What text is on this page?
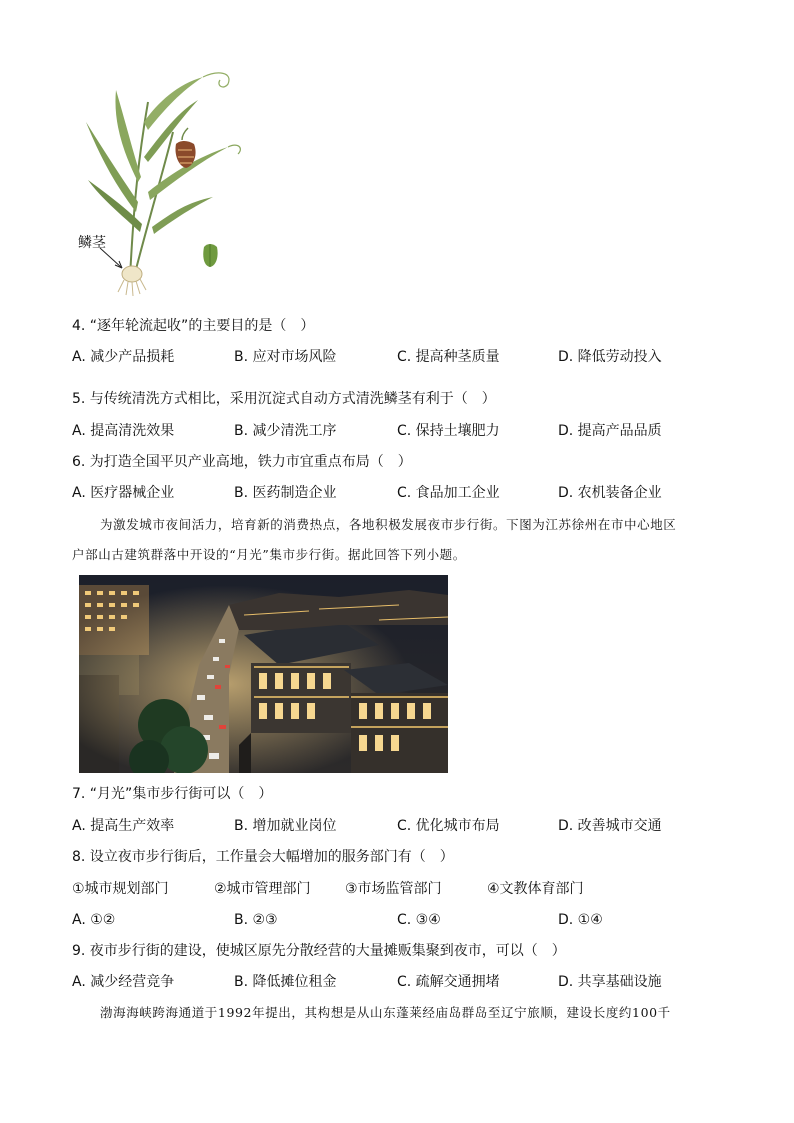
鳞茎
4. “逐年轮流起收”的主要目的是（　）
A. 减少产品损耗	B. 应对市场风险	C. 提高种茎质量	D. 降低劳动投入
5. 与传统清洗方式相比，采用沉淀式自动方式清洗鳞茎有利于（　）
A. 提高清洗效果	B. 减少清洗工序	C. 保持土壤肥力	D. 提高产品品质
6. 为打造全国平贝产业高地，铁力市宜重点布局（　）
A. 医疗器械企业	B. 医药制造企业	C. 食品加工企业	D. 农机装备企业
为激发城市夜间活力，培育新的消费热点，各地积极发展夜市步行街。下图为江苏徐州在市中心地区
户部山古建筑群落中开设的“月光”集市步行街。据此回答下列小题。
7. “月光”集市步行街可以（　）
A. 提高生产效率	B. 增加就业岗位	C. 优化城市布局	D. 改善城市交通
8. 设立夜市步行街后，工作量会大幅增加的服务部门有（　）
①城市规划部门	②城市管理部门 ③市场监管部门	④文教体育部门
A. ①②	B. ②③	C. ③④	D. ①④
9. 夜市步行街的建设，使城区原先分散经营的大量摊贩集聚到夜市，可以（　）
A. 减少经营竞争	B. 降低摊位租金	C. 疏解交通拥堵	D. 共享基础设施
渤海海峡跨海通道于1992年提出，其构想是从山东蓬莱经庙岛群岛至辽宁旅顺，建设长度约100千
